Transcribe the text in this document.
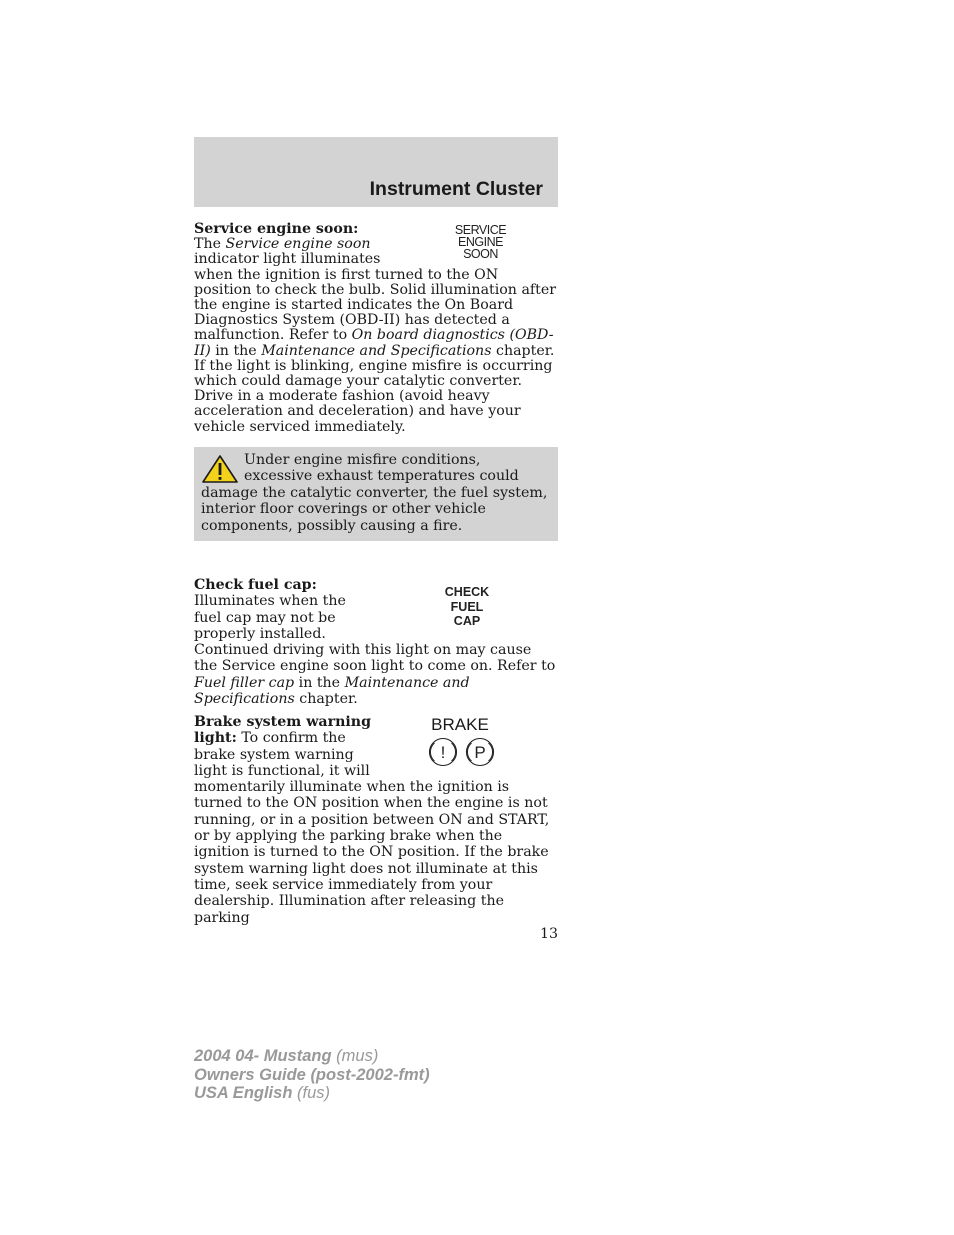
Instrument Cluster
SERVICE
ENGINE
SOON
Service engine soon:
The Service engine soon indicator light illuminates when the ignition is first turned to the ON position to check the bulb. Solid illumination after the engine is started indicates the On Board Diagnostics System (OBD-II) has detected a malfunction. Refer to On board diagnostics (OBD-II) in the Maintenance and Specifications chapter. If the light is blinking, engine misfire is occurring which could damage your catalytic converter. Drive in a moderate fashion (avoid heavy acceleration and deceleration) and have your vehicle serviced immediately.

Under engine misfire conditions, excessive exhaust temperatures could damage the catalytic converter, the fuel system, interior floor coverings or other vehicle components, possibly causing a fire.

CHECK
FUEL
CAP
Check fuel cap: Illuminates when the fuel cap may not be properly installed. Continued driving with this light on may cause the Service engine soon light to come on. Refer to Fuel filler cap in the Maintenance and Specifications chapter.
BRAKE
! P
Brake system warning light: To confirm the brake system warning light is functional, it will momentarily illuminate when the ignition is turned to the ON position when the engine is not running, or in a position between ON and START, or by applying the parking brake when the ignition is turned to the ON position. If the brake system warning light does not illuminate at this time, seek service immediately from your dealership. Illumination after releasing the parking
13
2004 04- Mustang (mus)
Owners Guide (post-2002-fmt)
USA English (fus)
